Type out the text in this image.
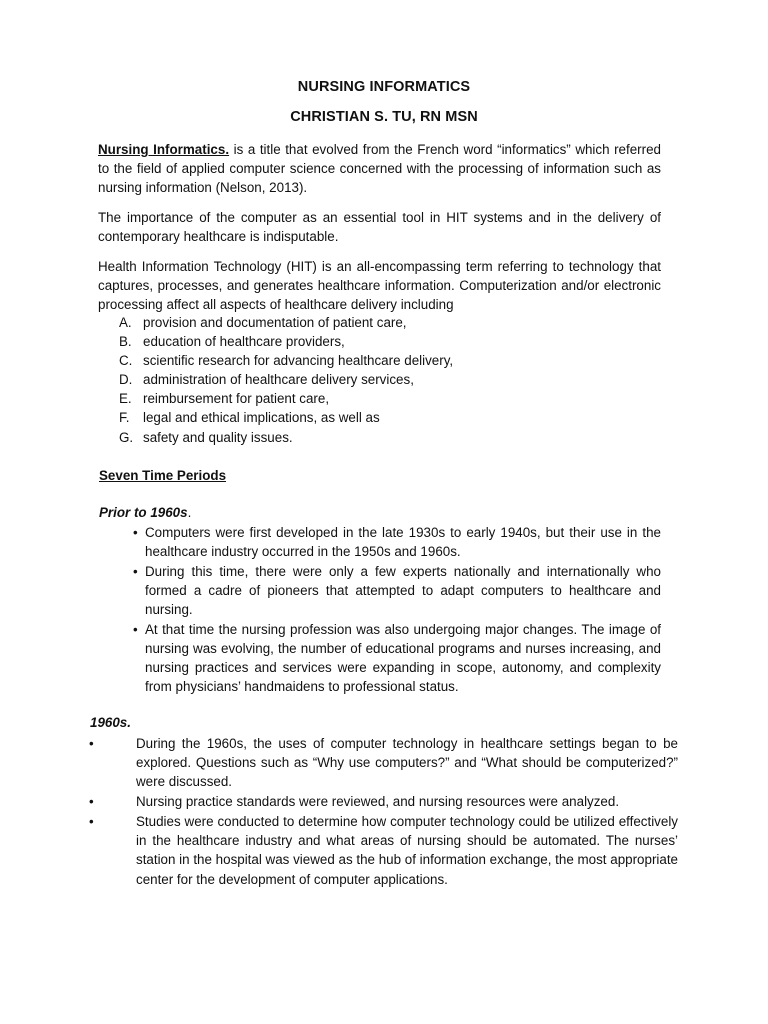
NURSING INFORMATICS
CHRISTIAN S. TU, RN MSN
Nursing Informatics. is a title that evolved from the French word “informatics” which referred to the field of applied computer science concerned with the processing of information such as nursing information (Nelson, 2013).
The importance of the computer as an essential tool in HIT systems and in the delivery of contemporary healthcare is indisputable.
Health Information Technology (HIT) is an all-encompassing term referring to technology that captures, processes, and generates healthcare information. Computerization and/or electronic processing affect all aspects of healthcare delivery including
A. provision and documentation of patient care,
B. education of healthcare providers,
C. scientific research for advancing healthcare delivery,
D. administration of healthcare delivery services,
E. reimbursement for patient care,
F. legal and ethical implications, as well as
G. safety and quality issues.
Seven Time Periods
Prior to 1960s.
• Computers were first developed in the late 1930s to early 1940s, but their use in the healthcare industry occurred in the 1950s and 1960s.
• During this time, there were only a few experts nationally and internationally who formed a cadre of pioneers that attempted to adapt computers to healthcare and nursing.
• At that time the nursing profession was also undergoing major changes. The image of nursing was evolving, the number of educational programs and nurses increasing, and nursing practices and services were expanding in scope, autonomy, and complexity from physicians’ handmaidens to professional status.
1960s.
•	During the 1960s, the uses of computer technology in healthcare settings began to be explored. Questions such as “Why use computers?” and “What should be computerized?” were discussed.
•	Nursing practice standards were reviewed, and nursing resources were analyzed.
•	Studies were conducted to determine how computer technology could be utilized effectively in the healthcare industry and what areas of nursing should be automated. The nurses’ station in the hospital was viewed as the hub of information exchange, the most appropriate center for the development of computer applications.
